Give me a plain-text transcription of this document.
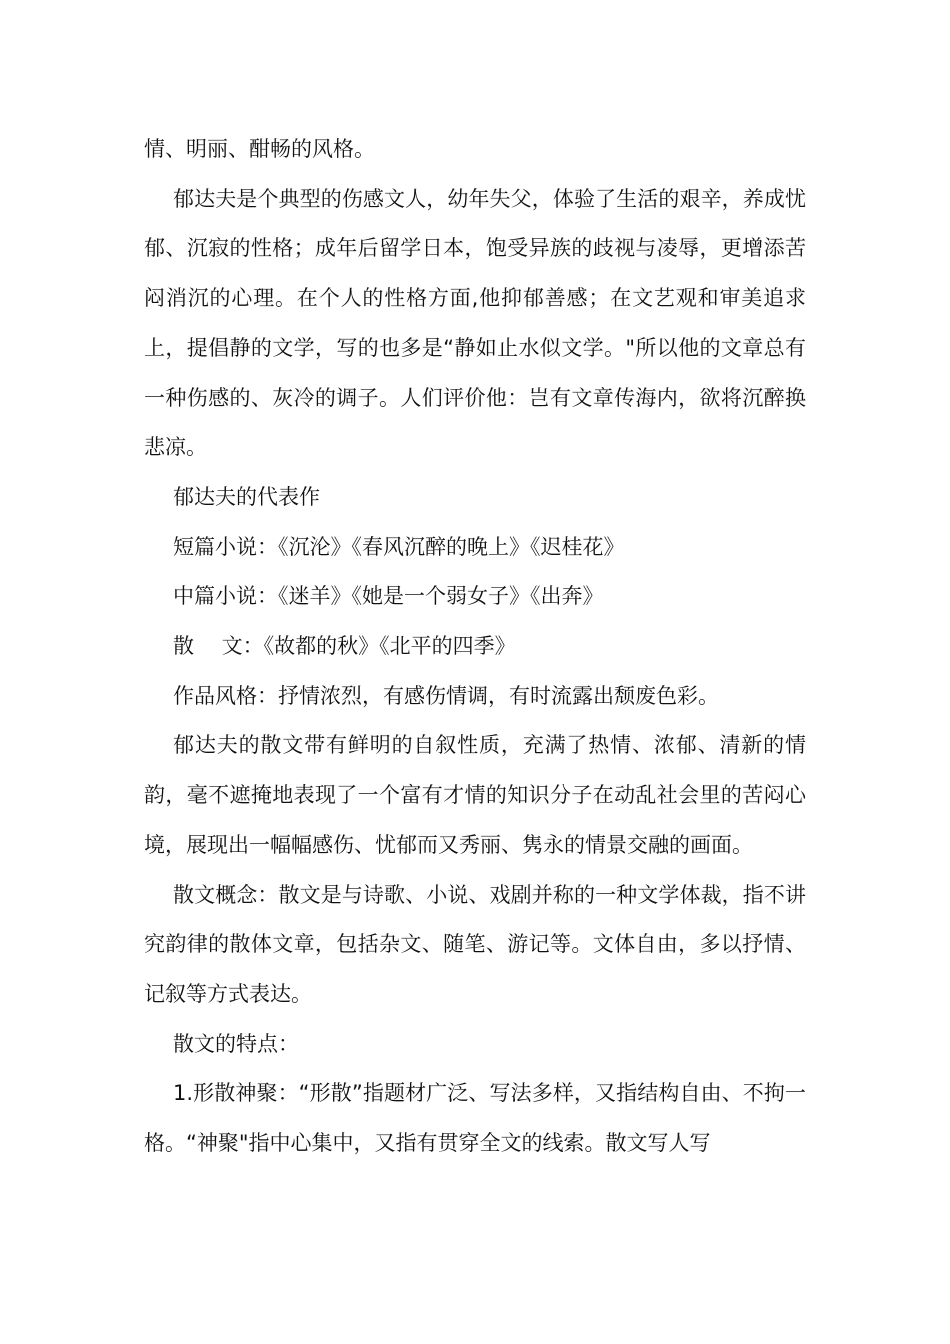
情、明丽、酣畅的风格。

郁达夫是个典型的伤感文人，幼年失父，体验了生活的艰辛，养成忧郁、沉寂的性格；成年后留学日本，饱受异族的歧视与凌辱，更增添苦闷消沉的心理。在个人的性格方面,他抑郁善感；在文艺观和审美追求上，提倡静的文学，写的也多是“静如止水似文学。"所以他的文章总有一种伤感的、灰冷的调子。人们评价他：岂有文章传海内，欲将沉醉换悲凉。

郁达夫的代表作

短篇小说：《沉沦》《春风沉醉的晚上》《迟桂花》

中篇小说：《迷羊》《她是一个弱女子》《出奔》

散　 文：《故都的秋》《北平的四季》

作品风格：抒情浓烈，有感伤情调，有时流露出颓废色彩。

郁达夫的散文带有鲜明的自叙性质，充满了热情、浓郁、清新的情韵，毫不遮掩地表现了一个富有才情的知识分子在动乱社会里的苦闷心境，展现出一幅幅感伤、忧郁而又秀丽、隽永的情景交融的画面。

散文概念：散文是与诗歌、小说、戏剧并称的一种文学体裁，指不讲究韵律的散体文章，包括杂文、随笔、游记等。文体自由，多以抒情、记叙等方式表达。

散文的特点：

1.形散神聚：“形散”指题材广泛、写法多样，又指结构自由、不拘一格。“神聚"指中心集中，又指有贯穿全文的线索。散文写人写
